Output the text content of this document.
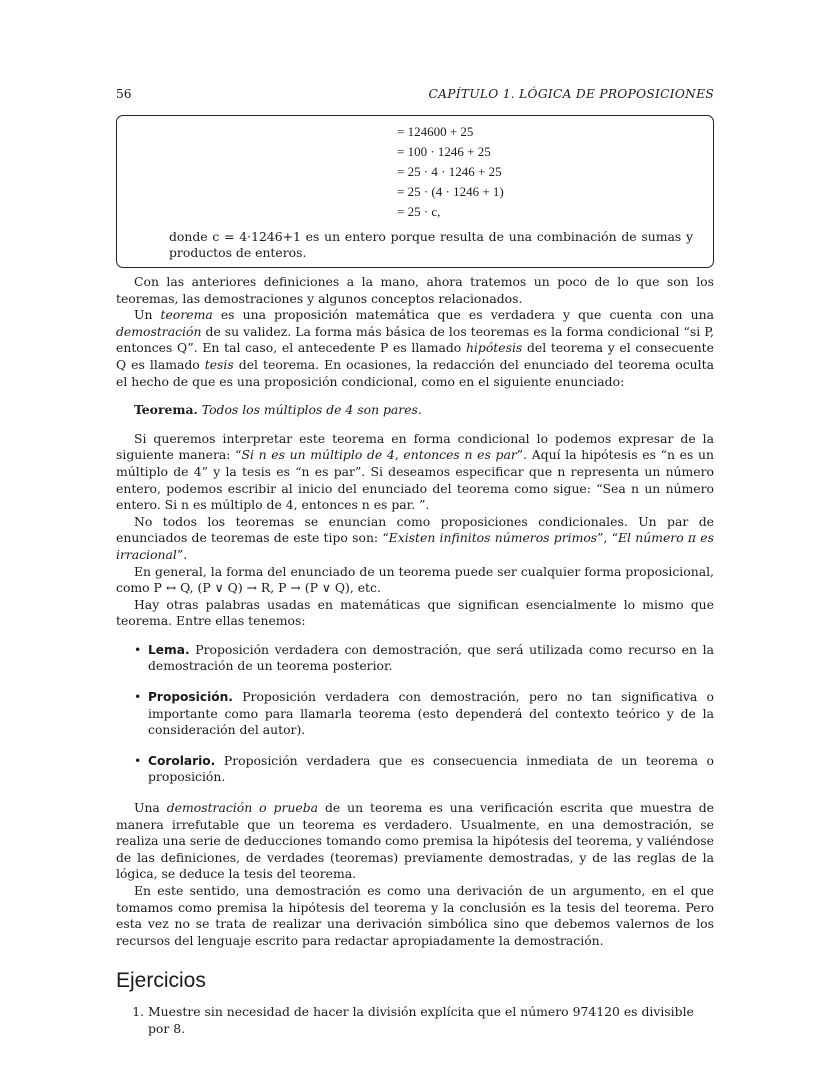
56	CAPÍTULO 1. LÓGICA DE PROPOSICIONES
= 124600 + 25
= 100 · 1246 + 25
= 25 · 4 · 1246 + 25
= 25 · (4 · 1246 + 1)
= 25 · c,

donde c = 4·1246+1 es un entero porque resulta de una combinación de sumas y productos de enteros.

Con las anteriores definiciones a la mano, ahora tratemos un poco de lo que son los teoremas, las demostraciones y algunos conceptos relacionados.

Un teorema es una proposición matemática que es verdadera y que cuenta con una demostración de su validez. La forma más básica de los teoremas es la forma condicional “si P, entonces Q”. En tal caso, el antecedente P es llamado hipótesis del teorema y el consecuente Q es llamado tesis del teorema. En ocasiones, la redacción del enunciado del teorema oculta el hecho de que es una proposición condicional, como en el siguiente enunciado:

Teorema. Todos los múltiplos de 4 son pares.

Si queremos interpretar este teorema en forma condicional lo podemos expresar de la siguiente manera: “Si n es un múltiplo de 4, entonces n es par”. Aquí la hipótesis es “n es un múltiplo de 4” y la tesis es “n es par”. Si deseamos especificar que n representa un número entero, podemos escribir al inicio del enunciado del teorema como sigue: “Sea n un número entero. Si n es múltiplo de 4, entonces n es par. ”.

No todos los teoremas se enuncian como proposiciones condicionales. Un par de enunciados de teoremas de este tipo son: “Existen infinitos números primos”, “El número π es irracional”.

En general, la forma del enunciado de un teorema puede ser cualquier forma proposicional, como P ↔ Q, (P ∨ Q) → R, P → (P ∨ Q), etc.

Hay otras palabras usadas en matemáticas que significan esencialmente lo mismo que teorema. Entre ellas tenemos:

• Lema. Proposición verdadera con demostración, que será utilizada como recurso en la demostración de un teorema posterior.
• Proposición. Proposición verdadera con demostración, pero no tan significativa o importante como para llamarla teorema (esto dependerá del contexto teórico y de la consideración del autor).
• Corolario. Proposición verdadera que es consecuencia inmediata de un teorema o proposición.

Una demostración o prueba de un teorema es una verificación escrita que muestra de manera irrefutable que un teorema es verdadero. Usualmente, en una demostración, se realiza una serie de deducciones tomando como premisa la hipótesis del teorema, y valiéndose de las definiciones, de verdades (teoremas) previamente demostradas, y de las reglas de la lógica, se deduce la tesis del teorema.

En este sentido, una demostración es como una derivación de un argumento, en el que tomamos como premisa la hipótesis del teorema y la conclusión es la tesis del teorema. Pero esta vez no se trata de realizar una derivación simbólica sino que debemos valernos de los recursos del lenguaje escrito para redactar apropiadamente la demostración.

Ejercicios
1. Muestre sin necesidad de hacer la división explícita que el número 974120 es divisible por 8.
